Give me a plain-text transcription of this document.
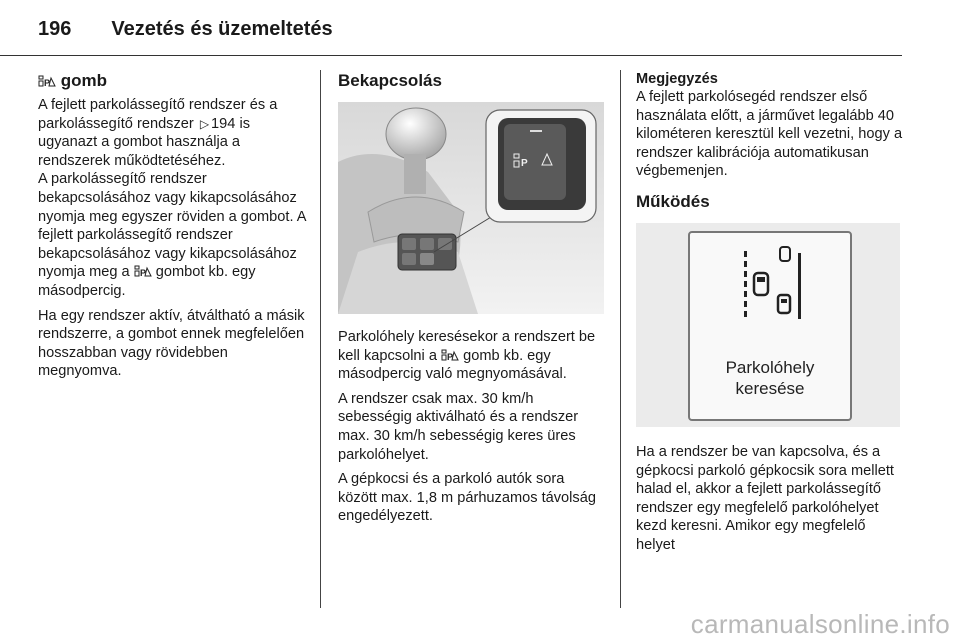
196 Vezetés és üzemeltetés
P gomb

A fejlett parkolássegítő rendszer és a parkolássegítő rendszer ▷ 194 is ugyanazt a gombot használja a rendszerek működtetéséhez.
A parkolássegítő rendszer bekapcsolásához vagy kikapcsolásához nyomja meg egyszer röviden a gombot. A fejlett parkolássegítő rendszer bekapcsolásához vagy kikapcsolásához nyomja meg a P gombot kb. egy másodpercig.

Ha egy rendszer aktív, átváltható a másik rendszerre, a gombot ennek megfelelően hosszabban vagy rövidebben megnyomva.

Bekapcsolás
P

Parkolóhely keresésekor a rendszert be kell kapcsolni a P gomb kb. egy másodpercig való megnyomásával.

A rendszer csak max. 30 km/h sebességig aktiválható és a rendszer max. 30 km/h sebességig keres üres parkolóhelyet.

A gépkocsi és a parkoló autók sora között max. 1,8 m párhuzamos távolság engedélyezett.

Megjegyzés

A fejlett parkolósegéd rendszer első használata előtt, a járművet legalább 40 kilométeren keresztül kell vezetni, hogy a rendszer kalibrációja automatikusan végbemenjen.

Működés
Parkolóhely
keresése

Ha a rendszer be van kapcsolva, és a gépkocsi parkoló gépkocsik sora mellett halad el, akkor a fejlett parkolássegítő rendszer egy megfelelő parkolóhelyet kezd keresni. Amikor egy megfelelő helyet

carmanualsonline.info
